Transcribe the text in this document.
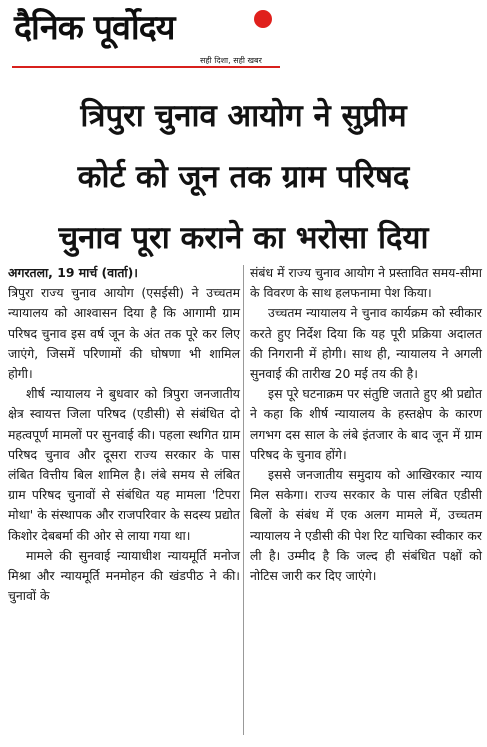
दैनिक पूर्वोदय
सही दिशा, सही खबर
त्रिपुरा चुनाव आयोग ने सुप्रीम
कोर्ट को जून तक ग्राम परिषद
चुनाव पूरा कराने का भरोसा दिया

अगरतला, 19 मार्च (वार्ता)।

त्रिपुरा राज्य चुनाव आयोग (एसईसी) ने उच्चतम न्यायालय को आश्वासन दिया है कि आगामी ग्राम परिषद चुनाव इस वर्ष जून के अंत तक पूरे कर लिए जाएंगे, जिसमें परिणामों की घोषणा भी शामिल होगी।

शीर्ष न्यायालय ने बुधवार को त्रिपुरा जनजातीय क्षेत्र स्वायत्त जिला परिषद (एडीसी) से संबंधित दो महत्वपूर्ण मामलों पर सुनवाई की। पहला स्थगित ग्राम परिषद चुनाव और दूसरा राज्य सरकार के पास लंबित वित्तीय बिल शामिल है। लंबे समय से लंबित ग्राम परिषद चुनावों से संबंधित यह मामला 'टिपरा मोथा' के संस्थापक और राजपरिवार के सदस्य प्रद्योत किशोर देबबर्मा की ओर से लाया गया था।

मामले की सुनवाई न्यायाधीश न्यायमूर्ति मनोज मिश्रा और न्यायमूर्ति मनमोहन की खंडपीठ ने की। चुनावों के

संबंध में राज्य चुनाव आयोग ने प्रस्तावित समय-सीमा के विवरण के साथ हलफनामा पेश किया।

उच्चतम न्यायालय ने चुनाव कार्यक्रम को स्वीकार करते हुए निर्देश दिया कि यह पूरी प्रक्रिया अदालत की निगरानी में होगी। साथ ही, न्यायालय ने अगली सुनवाई की तारीख 20 मई तय की है।

इस पूरे घटनाक्रम पर संतुष्टि जताते हुए श्री प्रद्योत ने कहा कि शीर्ष न्यायालय के हस्तक्षेप के कारण लगभग दस साल के लंबे इंतजार के बाद जून में ग्राम परिषद के चुनाव होंगे।

इससे जनजातीय समुदाय को आखिरकार न्याय मिल सकेगा। राज्य सरकार के पास लंबित एडीसी बिलों के संबंध में एक अलग मामले में, उच्चतम न्यायालय ने एडीसी की पेश रिट याचिका स्वीकार कर ली है। उम्मीद है कि जल्द ही संबंधित पक्षों को नोटिस जारी कर दिए जाएंगे।
